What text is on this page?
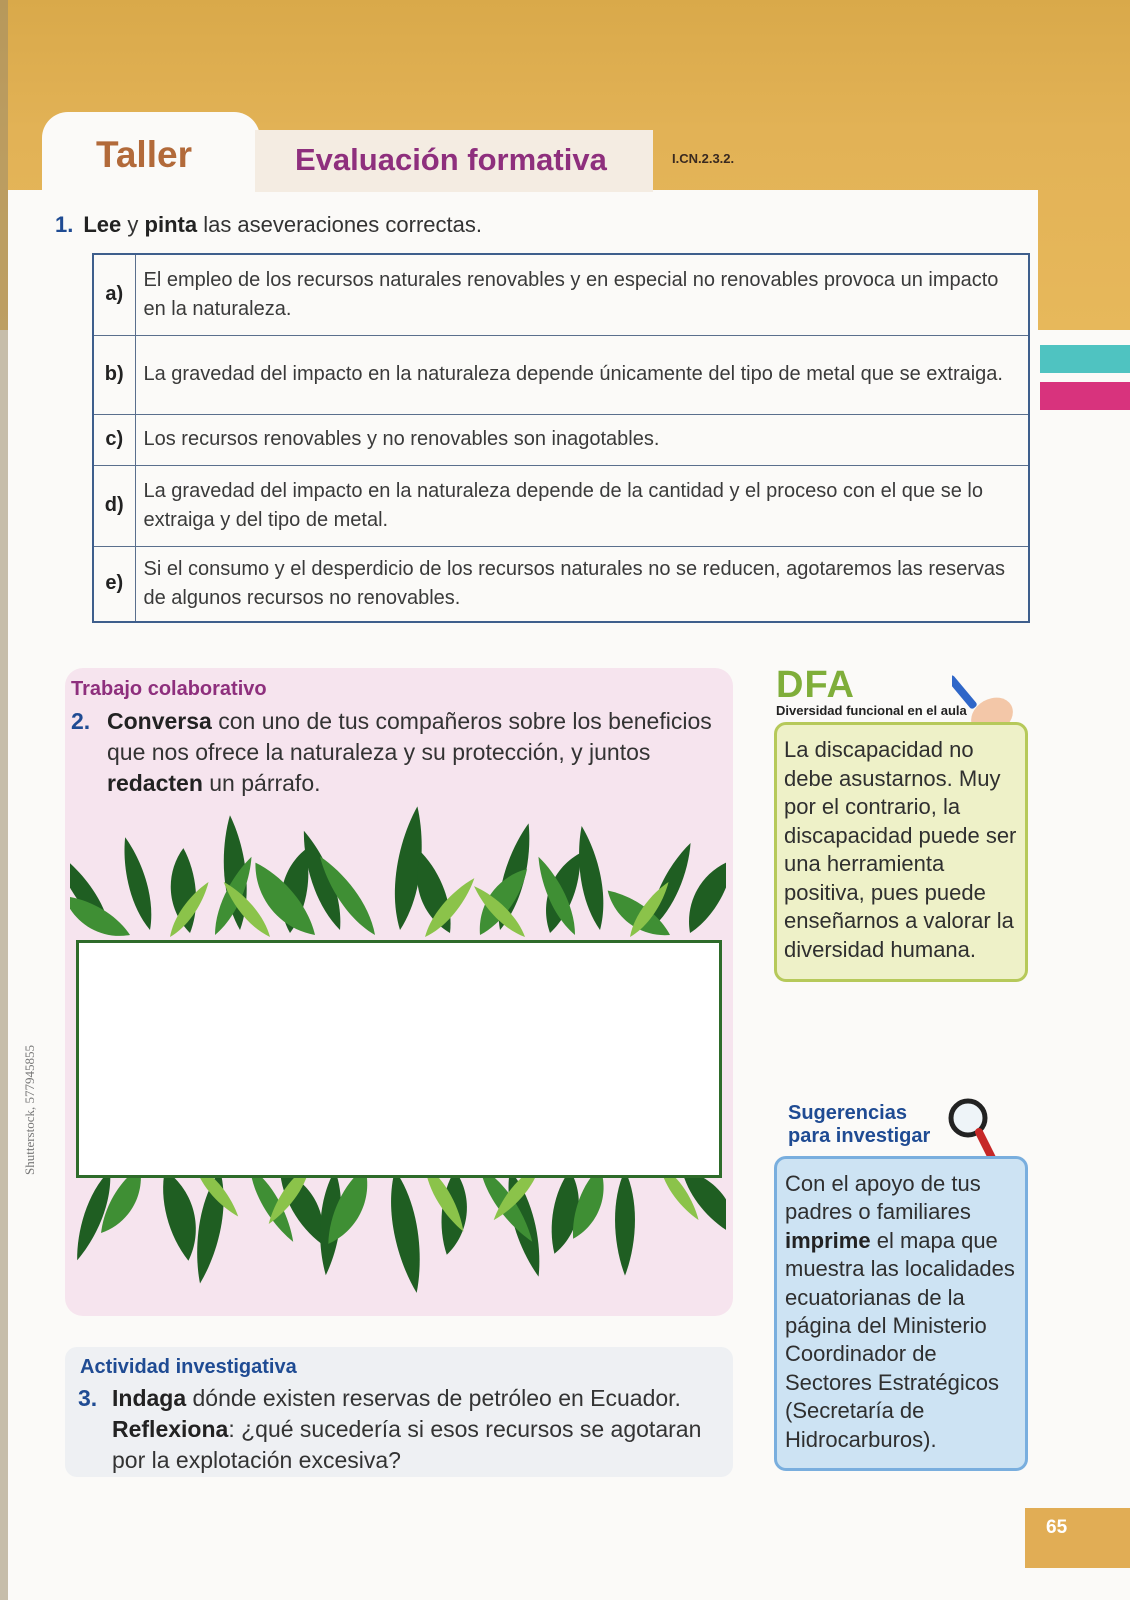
Taller	Evaluación formativa	I.CN.2.3.2.
1. Lee y pinta las aseveraciones correctas.
a)	El empleo de los recursos naturales renovables y en especial no renovables provoca un impacto en la naturaleza.
b)	La gravedad del impacto en la naturaleza depende únicamente del tipo de metal que se extraiga.
c)	Los recursos renovables y no renovables son inagotables.
d)	La gravedad del impacto en la naturaleza depende de la cantidad y el proceso con el que se lo extraiga y del tipo de metal.
e)	Si el consumo y el desperdicio de los recursos naturales no se reducen, agotaremos las reservas de algunos recursos no renovables.
Trabajo colaborativo
2. Conversa con uno de tus compañeros sobre los beneficios que nos ofrece la naturaleza y su protección, y juntos redacten un párrafo.
Actividad investigativa
3. Indaga dónde existen reservas de petróleo en Ecuador.
Reflexiona: ¿qué sucedería si esos recursos se agotaran por la explotación excesiva?
DFA
Diversidad funcional en el aula
La discapacidad no debe asustarnos. Muy por el contrario, la discapacidad puede ser una herramienta positiva, pues puede enseñarnos a valorar la diversidad humana.
Sugerencias
para investigar
Con el apoyo de tus padres o familiares imprime el mapa que muestra las localidades ecuatorianas de la página del Ministerio Coordinador de Sectores Estratégicos (Secretaría de Hidrocarburos).
Shutterstock, 577945855
65
